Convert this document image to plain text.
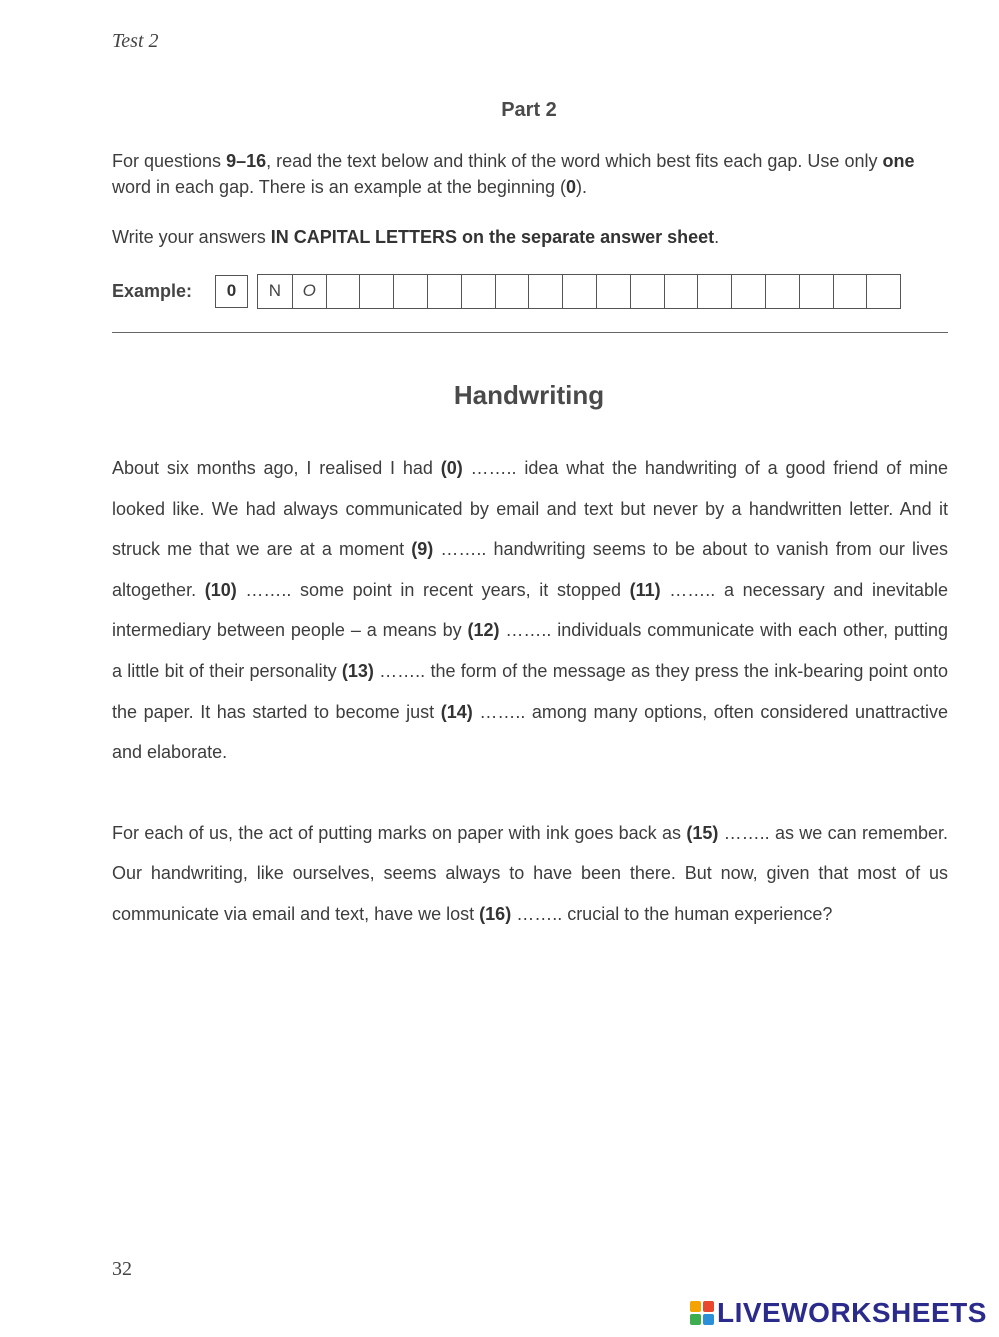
Test 2
Part 2

For questions 9–16, read the text below and think of the word which best fits each gap. Use only one word in each gap. There is an example at the beginning (0).

Write your answers IN CAPITAL LETTERS on the separate answer sheet.

Example:	0	N	O
Handwriting

About six months ago, I realised I had (0) …….. idea what the handwriting of a good friend of mine looked like. We had always communicated by email and text but never by a handwritten letter. And it struck me that we are at a moment (9) …….. handwriting seems to be about to vanish from our lives altogether. (10) …….. some point in recent years, it stopped (11) …….. a necessary and inevitable intermediary between people – a means by (12) …….. individuals communicate with each other, putting a little bit of their personality (13) …….. the form of the message as they press the ink-bearing point onto the paper. It has started to become just (14) …….. among many options, often considered unattractive and elaborate.

For each of us, the act of putting marks on paper with ink goes back as (15) …….. as we can remember. Our handwriting, like ourselves, seems always to have been there. But now, given that most of us communicate via email and text, have we lost (16) …….. crucial to the human experience?

32
LIVEWORKSHEETS
